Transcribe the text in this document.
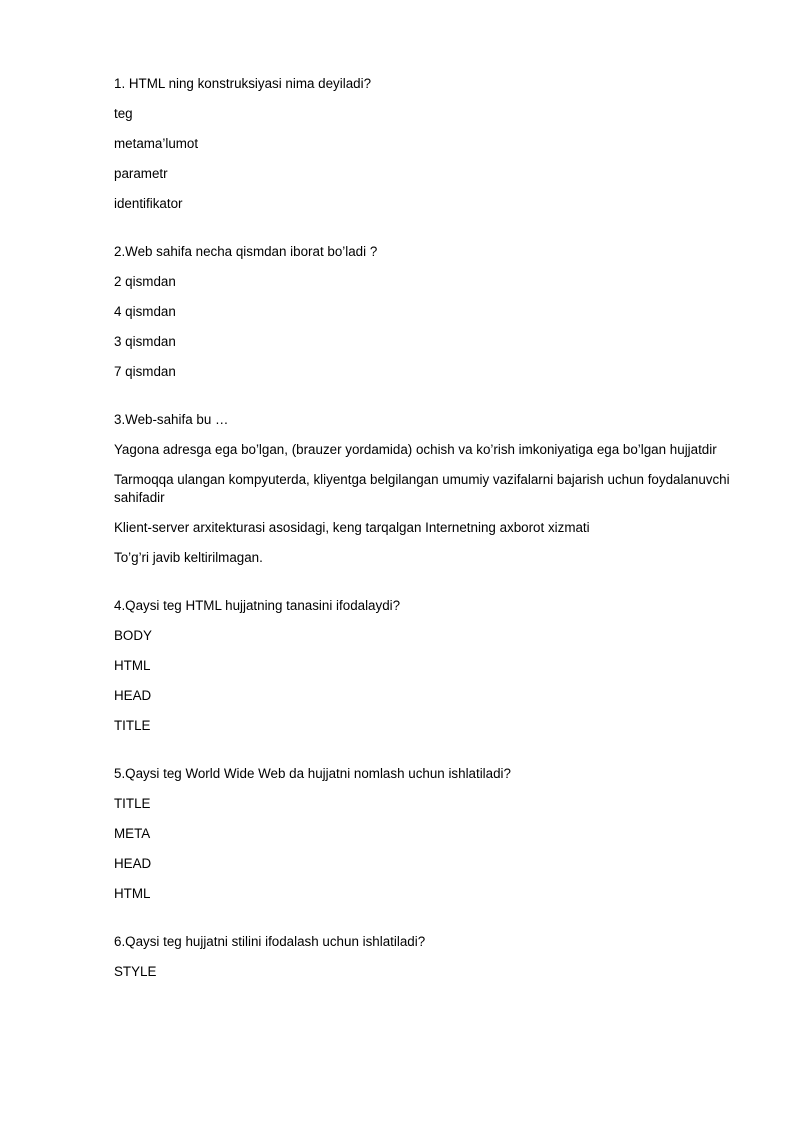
1. HTML ning konstruksiyasi nima deyiladi?

teg

metama’lumot

parametr

identifikator

2.Web sahifa necha qismdan iborat bo’ladi ?

2 qismdan

4 qismdan

3 qismdan

7 qismdan

3.Web-sahifa bu …

Yagona adresga ega bo’lgan, (brauzer yordamida) ochish va ko’rish imkoniyatiga ega bo’lgan hujjatdir

Tarmoqqa ulangan kompyuterda, kliyentga belgilangan umumiy vazifalarni bajarish uchun foydalanuvchi sahifadir

Klient-server arxitekturasi asosidagi, keng tarqalgan Internetning axborot xizmati

To’g’ri javib keltirilmagan.

4.Qaysi teg HTML hujjatning tanasini ifodalaydi?

BODY

HTML

HEAD

TITLE

5.Qaysi teg World Wide Web da hujjatni nomlash uchun ishlatiladi?

TITLE

META

HEAD

HTML

6.Qaysi teg hujjatni stilini ifodalash uchun ishlatiladi?

STYLE
